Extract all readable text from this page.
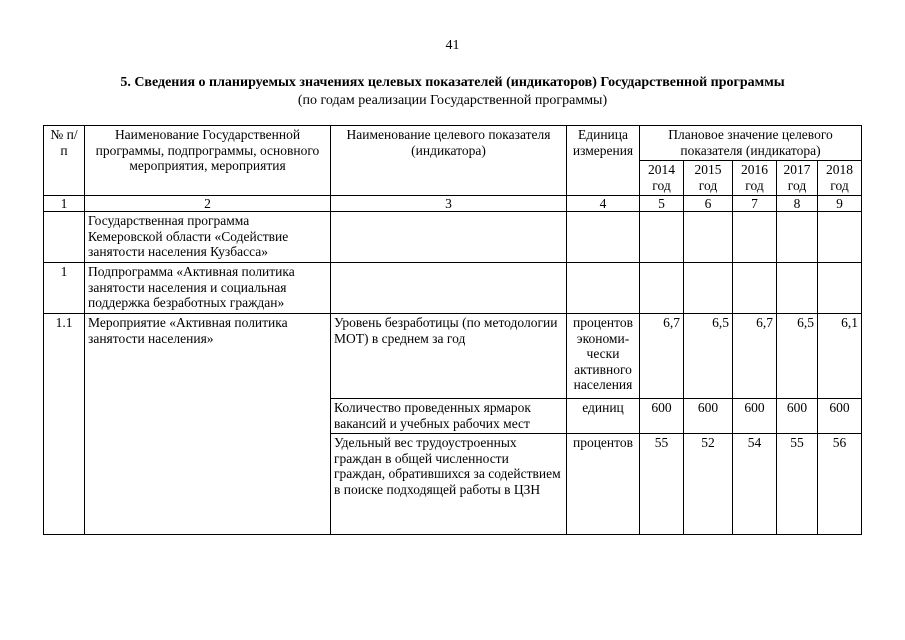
41
5. Сведения о планируемых значениях целевых показателей (индикаторов) Государственной программы
(по годам реализации Государственной программы)
№ п/п	Наименование Государственной программы, подпрограммы, основного мероприятия, мероприятия	Наименование целевого показателя (индикатора)	Единица измерения	Плановое значение целевого показателя (индикатора)				
				2014 год	2015 год	2016 год	2017 год	2018 год
1	2	3	4	5	6	7	8	9
	Государственная программа Кемеровской области «Содействие занятости населения Кузбасса»							
1	Подпрограмма «Активная политика занятости населения и социальная поддержка безработных граждан»							
1.1	Мероприятие «Активная политика занятости населения»	Уровень безработицы (по методологии МОТ) в среднем за год	процентов экономи-чески активного населения	6,7	6,5	6,7	6,5	6,1
		Количество проведенных ярмарок вакансий и учебных рабочих мест	единиц	600	600	600	600	600
		Удельный вес трудоустроенных граждан в общей численности граждан, обратившихся за содействием в поиске подходящей работы в ЦЗН	процентов	55	52	54	55	56
